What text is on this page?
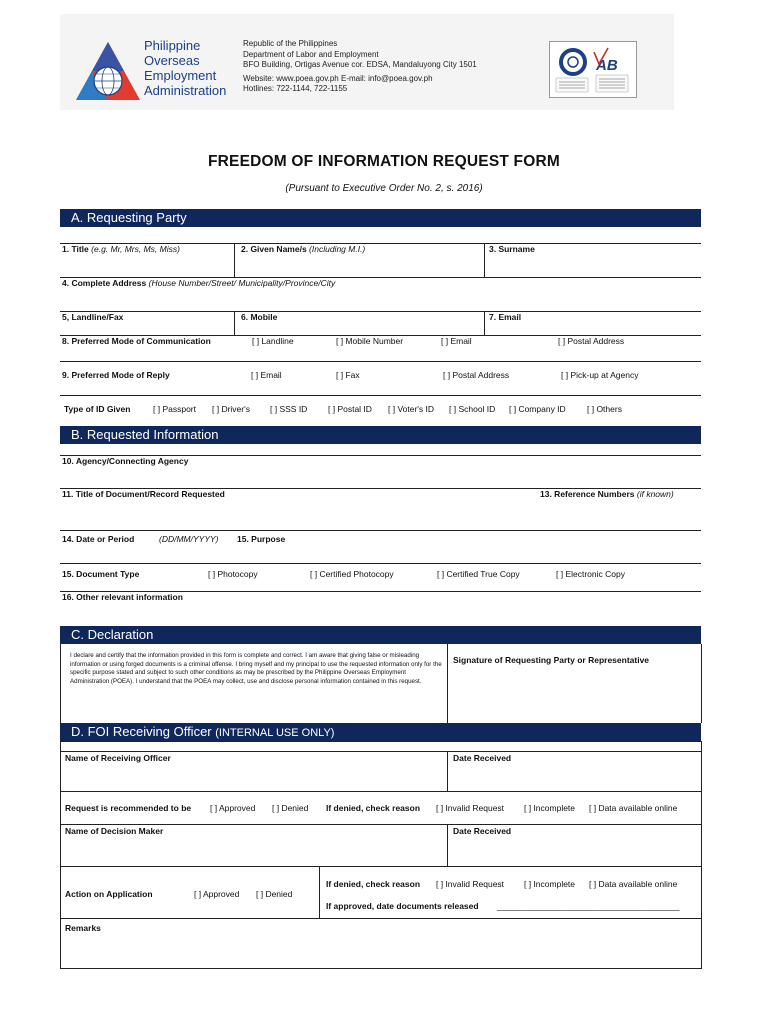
Philippine
Overseas
Employment
Administration
Republic of the Philippines
Department of Labor and Employment
BFO Building, Ortigas Avenue cor. EDSA, Mandaluyong City 1501
Website: www.poea.gov.ph E-mail: info@poea.gov.ph
Hotlines: 722-1144, 722-1155
AB
FREEDOM OF INFORMATION REQUEST FORM
(Pursuant to Executive Order No. 2, s. 2016)
A. Requesting Party
1. Title (e.g. Mr, Mrs, Ms, Miss)	2. Given Name/s (Including M.I.)	3. Surname
4. Complete Address (House Number/Street/ Municipality/Province/City
5, Landline/Fax	6. Mobile	7. Email
8. Preferred Mode of Communication	[ ] Landline	[ ] Mobile Number	[ ] Email	[ ] Postal Address
9. Preferred Mode of Reply	[ ] Email	[ ] Fax	[ ] Postal Address	[ ] Pick-up at Agency
Type of ID Given	[ ] Passport [ ] Driver's [ ] SSS ID [ ] Postal ID [ ] Voter's ID [ ] School ID [ ] Company ID	[ ] Others
B. Requested Information
10. Agency/Connecting Agency
11. Title of Document/Record Requested	13. Reference Numbers (if known)
14. Date or Period	(DD/MM/YYYY) 15. Purpose
15. Document Type	[ ] Photocopy	[ ] Certified Photocopy	[ ] Certified True Copy	[ ] Electronic Copy
16. Other relevant information
C. Declaration
I declare and certify that the information provided in this form is complete and correct. I am aware that giving false or misleading information or using forged documents is a criminal offense. I bring myself and my principal to use the requested information only for the specific purpose stated and subject to such other conditions as may be prescribed by the Philippine Overseas Employment Administration (POEA). I understand that the POEA may collect, use and disclose personal information contained in this request.
Signature of Requesting Party or Representative
D. FOI Receiving Officer (INTERNAL USE ONLY)
Name of Receiving Officer	Date Received
Request is recommended to be [ ] Approved [ ] Denied If denied, check reason [ ] Invalid Request [ ] Incomplete [ ] Data available online
Name of Decision Maker	Date Received
Action on Application	[ ] Approved [ ] Denied
If denied, check reason [ ] Invalid Request [ ] Incomplete [ ] Data available online
If approved, date documents released _________________________________________
Remarks
